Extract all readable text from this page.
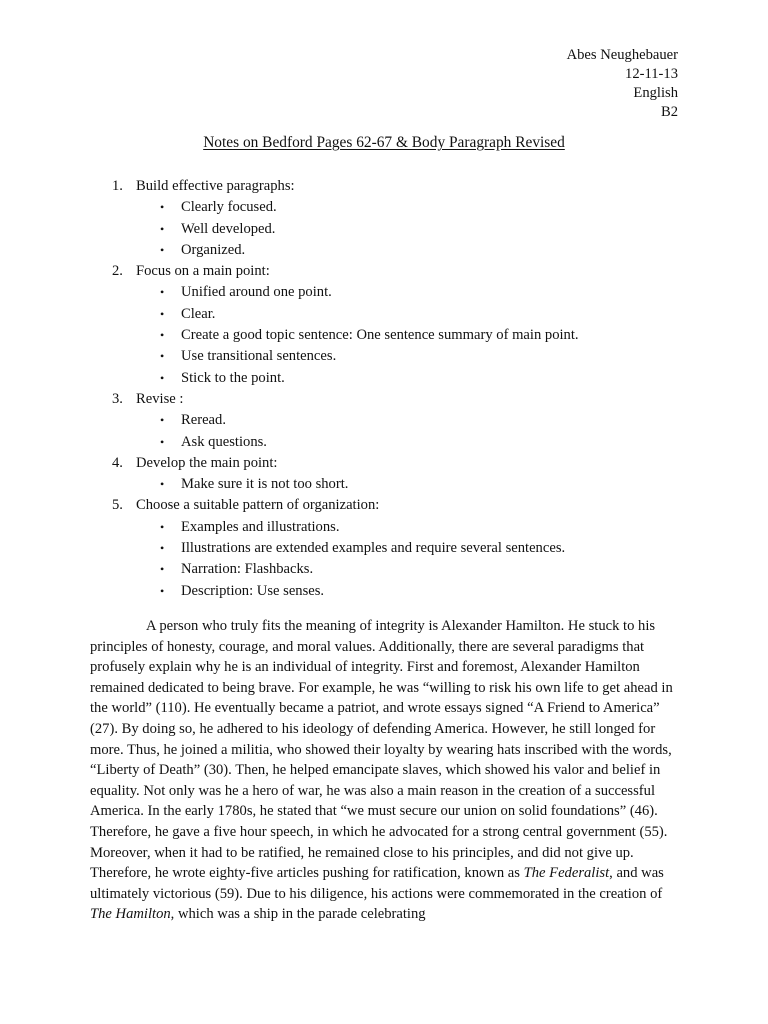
Abes Neughebauer
12-11-13
English
B2
Notes on Bedford Pages 62-67 & Body Paragraph Revised
1. Build effective paragraphs:
• Clearly focused.
• Well developed.
• Organized.
2. Focus on a main point:
• Unified around one point.
• Clear.
• Create a good topic sentence: One sentence summary of main point.
• Use transitional sentences.
• Stick to the point.
3. Revise :
• Reread.
• Ask questions.
4. Develop the main point:
• Make sure it is not too short.
5. Choose a suitable pattern of organization:
• Examples and illustrations.
• Illustrations are extended examples and require several sentences.
• Narration: Flashbacks.
• Description: Use senses.

A person who truly fits the meaning of integrity is Alexander Hamilton. He stuck to his principles of honesty, courage, and moral values. Additionally, there are several paradigms that profusely explain why he is an individual of integrity. First and foremost, Alexander Hamilton remained dedicated to being brave. For example, he was “willing to risk his own life to get ahead in the world” (110). He eventually became a patriot, and wrote essays signed “A Friend to America” (27). By doing so, he adhered to his ideology of defending America. However, he still longed for more. Thus, he joined a militia, who showed their loyalty by wearing hats inscribed with the words, “Liberty of Death” (30). Then, he helped emancipate slaves, which showed his valor and belief in equality. Not only was he a hero of war, he was also a main reason in the creation of a successful America. In the early 1780s, he stated that “we must secure our union on solid foundations” (46). Therefore, he gave a five hour speech, in which he advocated for a strong central government (55). Moreover, when it had to be ratified, he remained close to his principles, and did not give up. Therefore, he wrote eighty-five articles pushing for ratification, known as The Federalist, and was ultimately victorious (59). Due to his diligence, his actions were commemorated in the creation of The Hamilton, which was a ship in the parade celebrating
